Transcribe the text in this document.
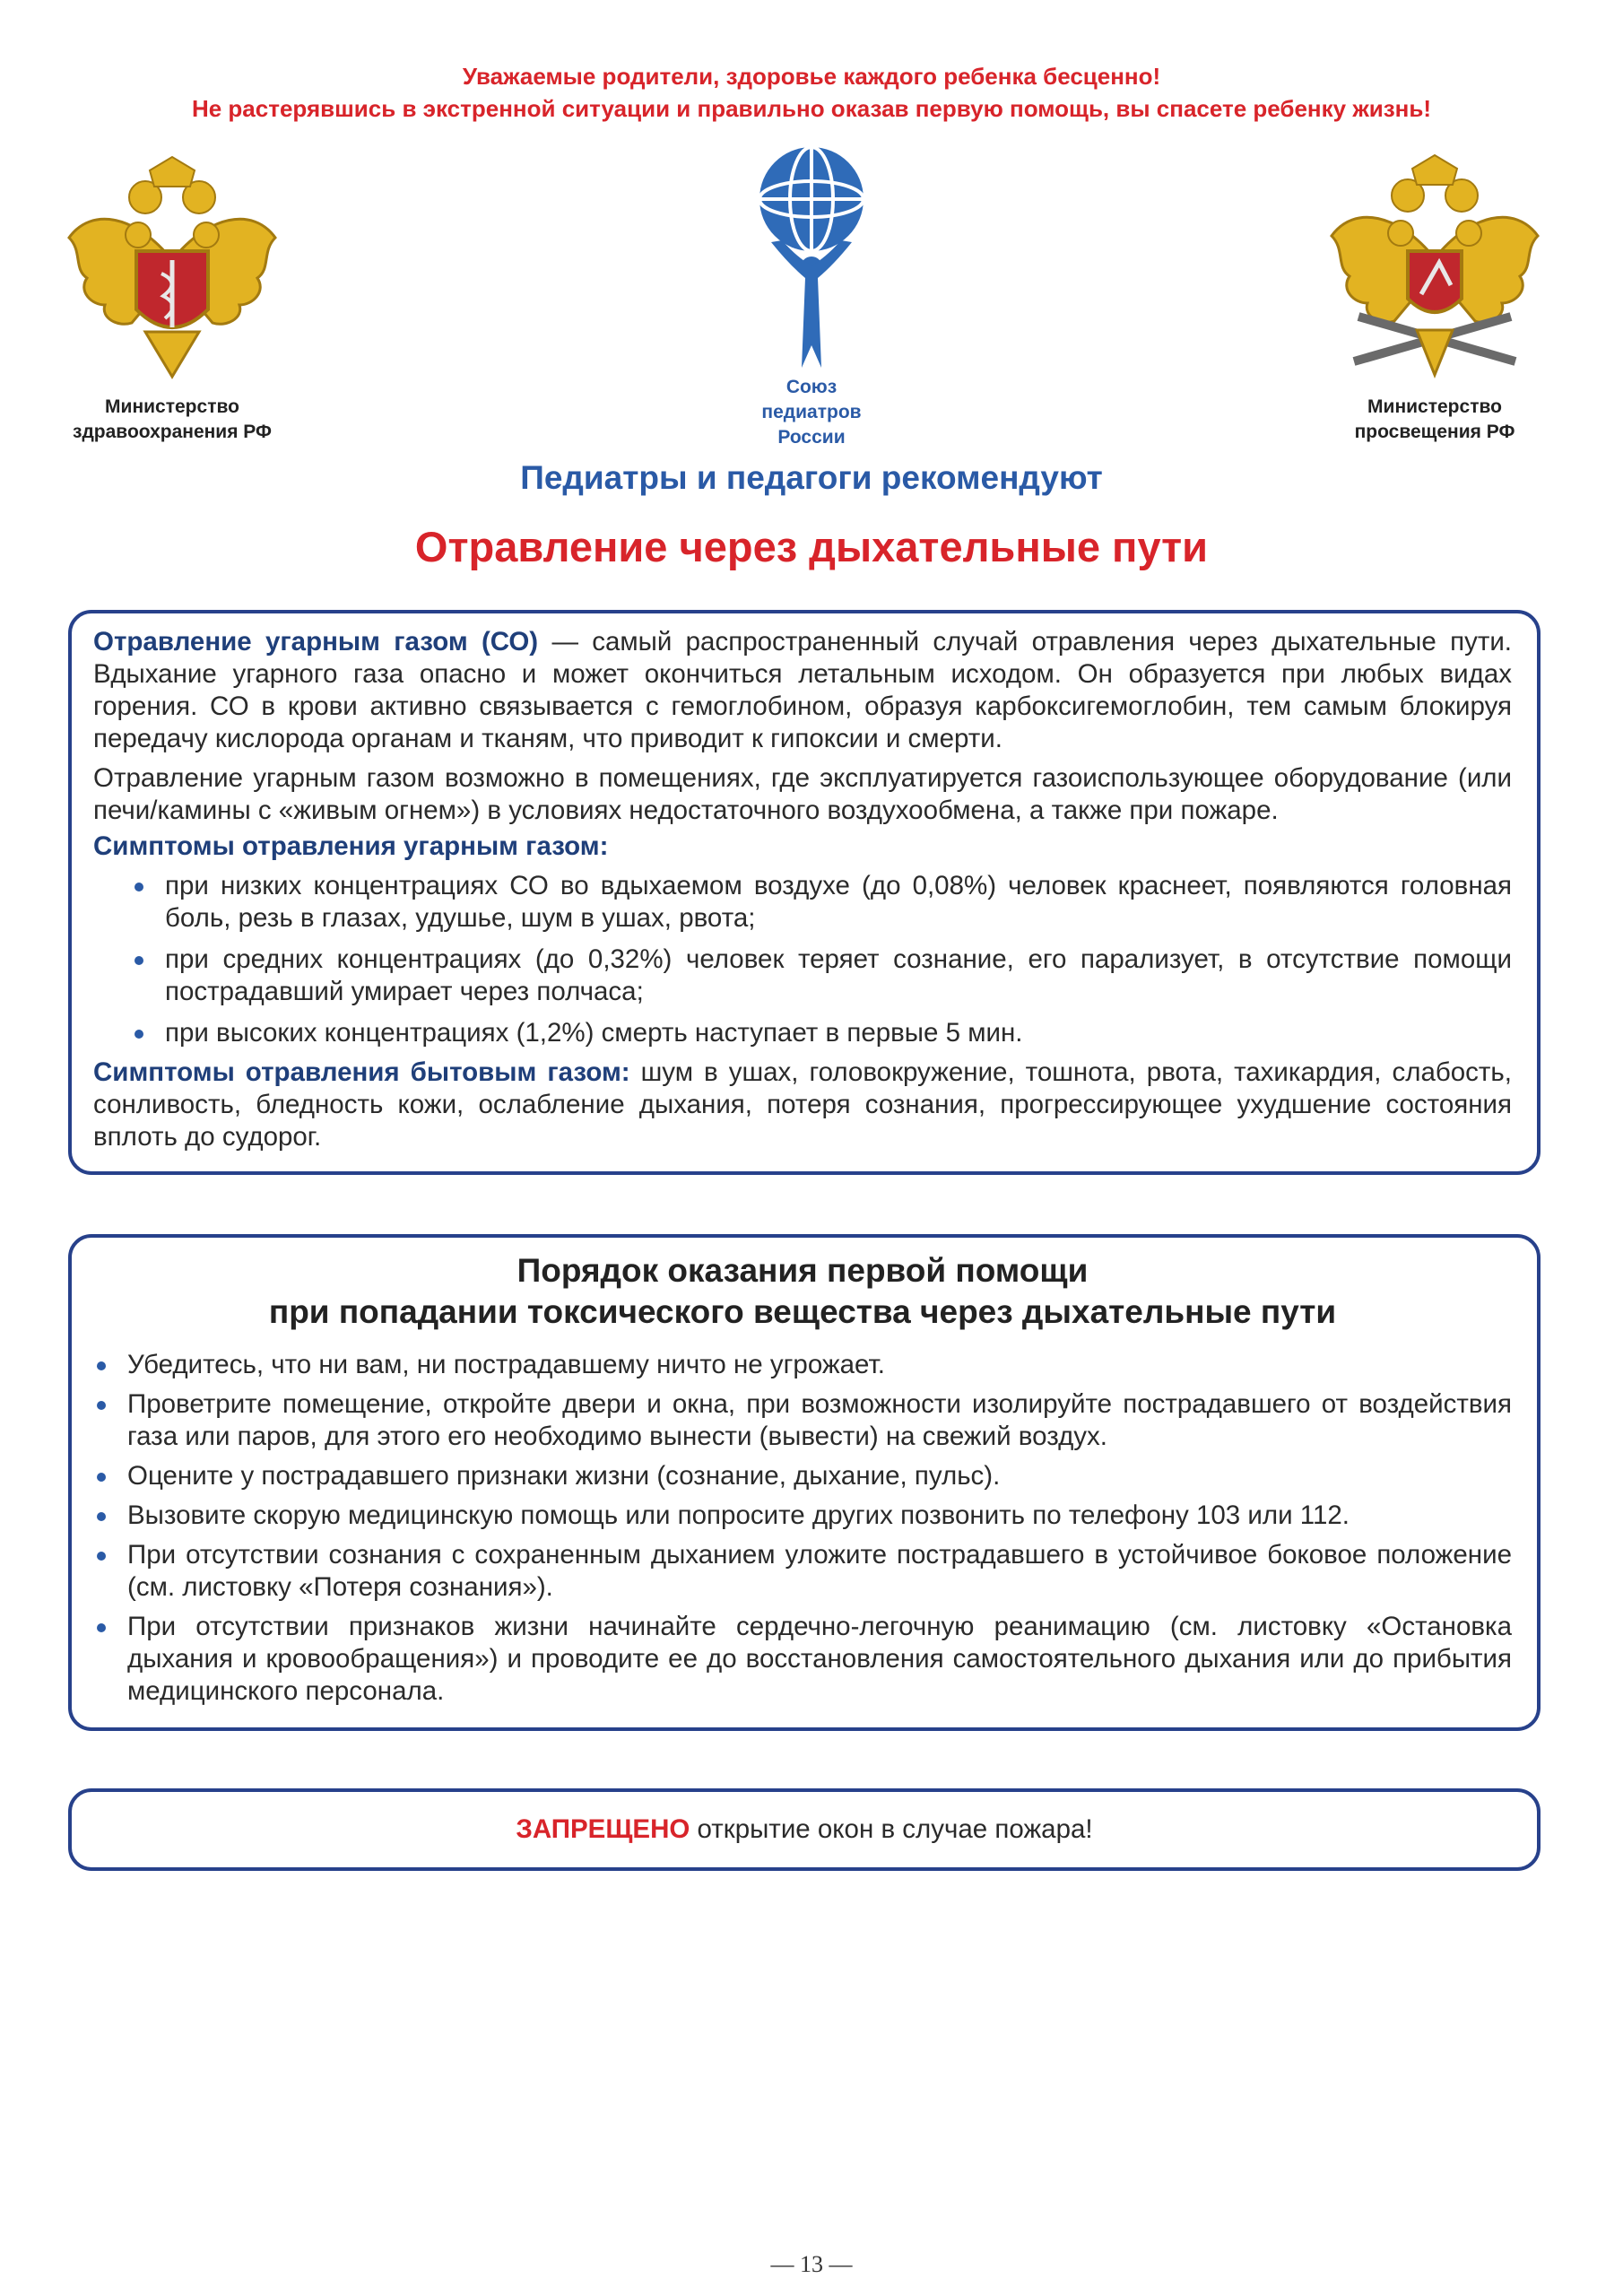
Уважаемые родители, здоровье каждого ребенка бесценно!
Не растерявшись в экстренной ситуации и правильно оказав первую помощь, вы спасете ребенку жизнь!
Министерство
здравоохранения РФ
Союз
педиатров
России
Министерство
просвещения РФ
Педиатры и педагоги рекомендуют
Отравление через дыхательные пути

Отравление угарным газом (СО) — самый распространенный случай отравления через дыхательные пути. Вдыхание угарного газа опасно и может окончиться летальным исходом. Он образуется при любых видах горения. СО в крови активно связывается с гемоглобином, образуя карбоксигемоглобин, тем самым блокируя передачу кислорода органам и тканям, что приводит к гипоксии и смерти.

Отравление угарным газом возможно в помещениях, где эксплуатируется газоиспользующее оборудование (или печи/камины с «живым огнем») в условиях недостаточного воздухообмена, а также при пожаре.

Симптомы отравления угарным газом:

при низких концентрациях СО во вдыхаемом воздухе (до 0,08%) человек краснеет, появляются головная боль, резь в глазах, удушье, шум в ушах, рвота;
при средних концентрациях (до 0,32%) человек теряет сознание, его парализует, в отсутствие помощи пострадавший умирает через полчаса;
при высоких концентрациях (1,2%) смерть наступает в первые 5 мин.

Симптомы отравления бытовым газом: шум в ушах, головокружение, тошнота, рвота, тахикардия, слабость, сонливость, бледность кожи, ослабление дыхания, потеря сознания, прогрессирующее ухудшение состояния вплоть до судорог.

Порядок оказания первой помощи
при попадании токсического вещества через дыхательные пути
Убедитесь, что ни вам, ни пострадавшему ничто не угрожает.
Проветрите помещение, откройте двери и окна, при возможности изолируйте пострадавшего от воздействия газа или паров, для этого его необходимо вынести (вывести) на свежий воздух.
Оцените у пострадавшего признаки жизни (сознание, дыхание, пульс).
Вызовите скорую медицинскую помощь или попросите других позвонить по телефону 103 или 112.
При отсутствии сознания с сохраненным дыханием уложите пострадавшего в устойчивое боковое положение (см. листовку «Потеря сознания»).
При отсутствии признаков жизни начинайте сердечно-легочную реанимацию (см. листовку «Остановка дыхания и кровообращения») и проводите ее до восстановления самостоятельного дыхания или до прибытия медицинского персонала.
ЗАПРЕЩЕНО открытие окон в случае пожара!
— 13 —
